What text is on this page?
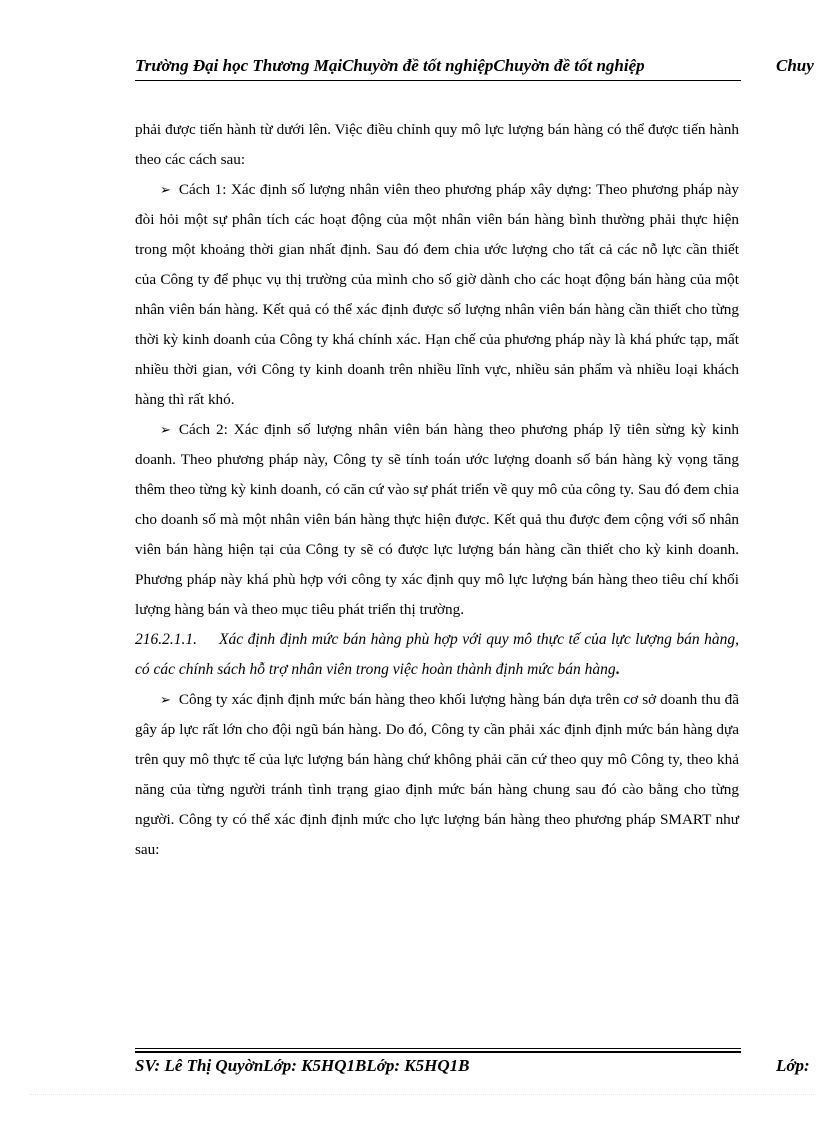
Trường Đại học Thương MạiChuyờn đề tốt nghiệpChuyờn đề tốt nghiệp	Chuy

phải được tiến hành từ dưới lên. Việc điều chỉnh quy mô lực lượng bán hàng có thể được tiến hành theo các cách sau:

➢ Cách 1: Xác định số lượng nhân viên theo phương pháp xây dựng: Theo phương pháp này đòi hỏi một sự phân tích các hoạt động của một nhân viên bán hàng bình thường phải thực hiện trong một khoảng thời gian nhất định. Sau đó đem chia ước lượng cho tất cả các nỗ lực cần thiết của Công ty để phục vụ thị trường của mình cho số giờ dành cho các hoạt động bán hàng của một nhân viên bán hàng. Kết quả có thể xác định được số lượng nhân viên bán hàng cần thiết cho từng thời kỳ kinh doanh của Công ty khá chính xác. Hạn chế của phương pháp này là khá phức tạp, mất nhiều thời gian, với Công ty kinh doanh trên nhiều lĩnh vực, nhiều sản phẩm và nhiều loại khách hàng thì rất khó.

➢ Cách 2: Xác định số lượng nhân viên bán hàng theo phương pháp lỹ tiên sừng kỳ kinh doanh. Theo phương pháp này, Công ty sẽ tính toán ước lượng doanh số bán hàng kỳ vọng tăng thêm theo từng kỳ kinh doanh, có căn cứ vào sự phát triển về quy mô của công ty. Sau đó đem chia cho doanh số mà một nhân viên bán hàng thực hiện được. Kết quả thu được đem cộng với số nhân viên bán hàng hiện tại của Công ty sẽ có được lực lượng bán hàng cần thiết cho kỳ kinh doanh. Phương pháp này khá phù hợp với công ty xác định quy mô lực lượng bán hàng theo tiêu chí khối lượng hàng bán và theo mục tiêu phát triển thị trường.

216.2.1.1. Xác định định mức bán hàng phù hợp với quy mô thực tế của lực lượng bán hàng, có các chính sách hỗ trợ nhân viên trong việc hoàn thành định mức bán hàng.

➢ Công ty xác định định mức bán hàng theo khối lượng hàng bán dựa trên cơ sở doanh thu đã gây áp lực rất lớn cho đội ngũ bán hàng. Do đó, Công ty cần phải xác định định mức bán hàng dựa trên quy mô thực tế của lực lượng bán hàng chứ không phải căn cứ theo quy mô Công ty, theo khả năng của từng người tránh tình trạng giao định mức bán hàng chung sau đó cào bằng cho từng người. Công ty có thể xác định định mức cho lực lượng bán hàng theo phương pháp SMART như sau:

SV: Lê Thị QuyờnLớp: K5HQ1BLớp: K5HQ1B	Lớp:
